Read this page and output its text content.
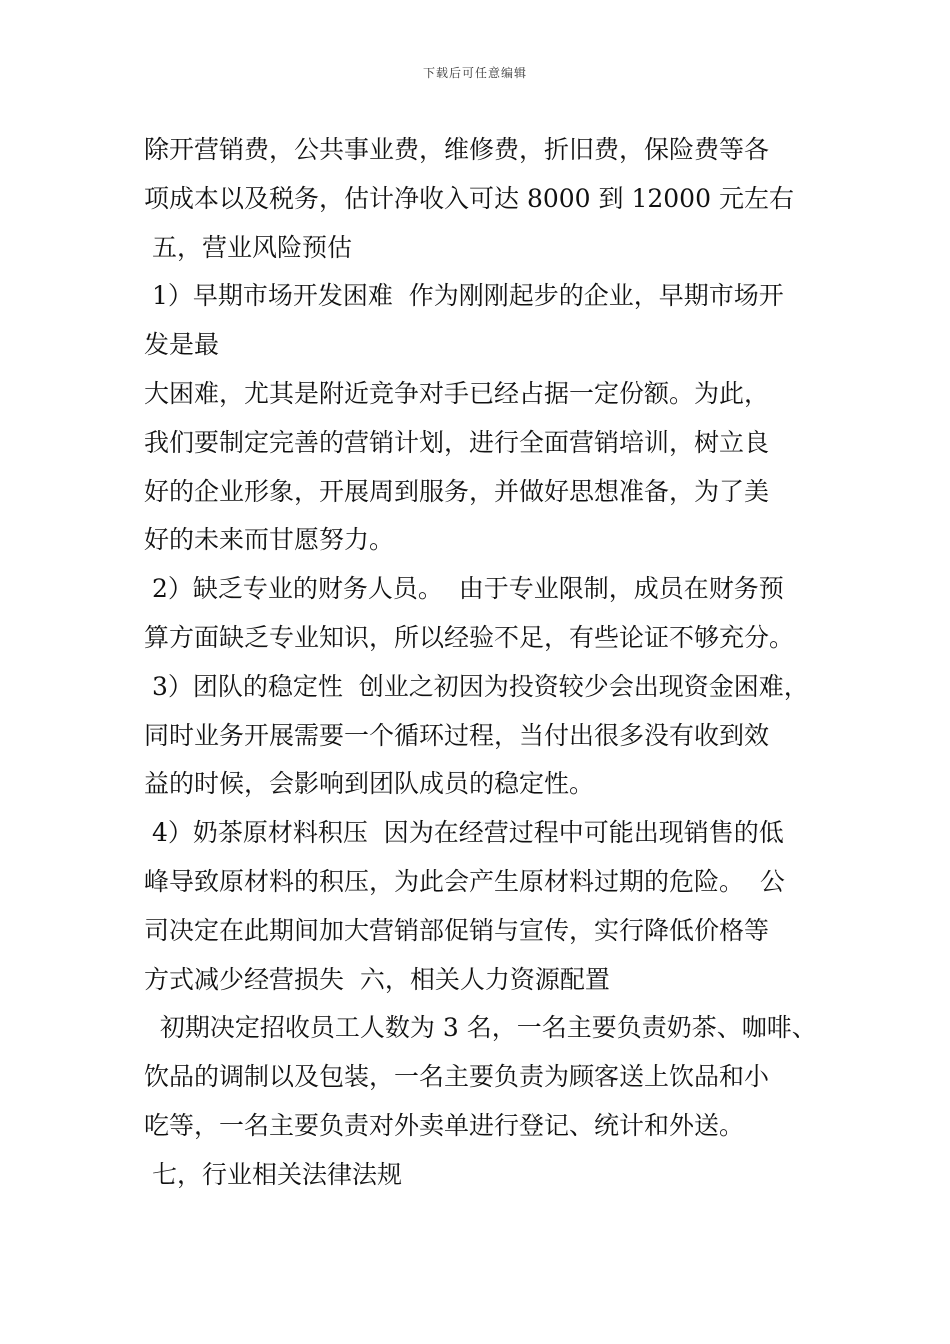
下载后可任意编辑
除开营销费，公共事业费，维修费，折旧费，保险费等各
项成本以及税务，估计净收入可达 8000 到 12000 元左右
五，营业风险预估
1）早期市场开发困难  作为刚刚起步的企业，早期市场开
发是最
大困难，尤其是附近竞争对手已经占据一定份额。为此，
我们要制定完善的营销计划，进行全面营销培训，树立良
好的企业形象，开展周到服务，并做好思想准备，为了美
好的未来而甘愿努力。
2）缺乏专业的财务人员。  由于专业限制，成员在财务预
算方面缺乏专业知识，所以经验不足，有些论证不够充分。
3）团队的稳定性  创业之初因为投资较少会出现资金困难，
同时业务开展需要一个循环过程，当付出很多没有收到效
益的时候，会影响到团队成员的稳定性。
4）奶茶原材料积压  因为在经营过程中可能出现销售的低
峰导致原材料的积压，为此会产生原材料过期的危险。  公
司决定在此期间加大营销部促销与宣传，实行降低价格等
方式减少经营损失  六，相关人力资源配置
初期决定招收员工人数为 3 名，一名主要负责奶茶、咖啡、
饮品的调制以及包装，一名主要负责为顾客送上饮品和小
吃等，一名主要负责对外卖单进行登记、统计和外送。
七，行业相关法律法规
